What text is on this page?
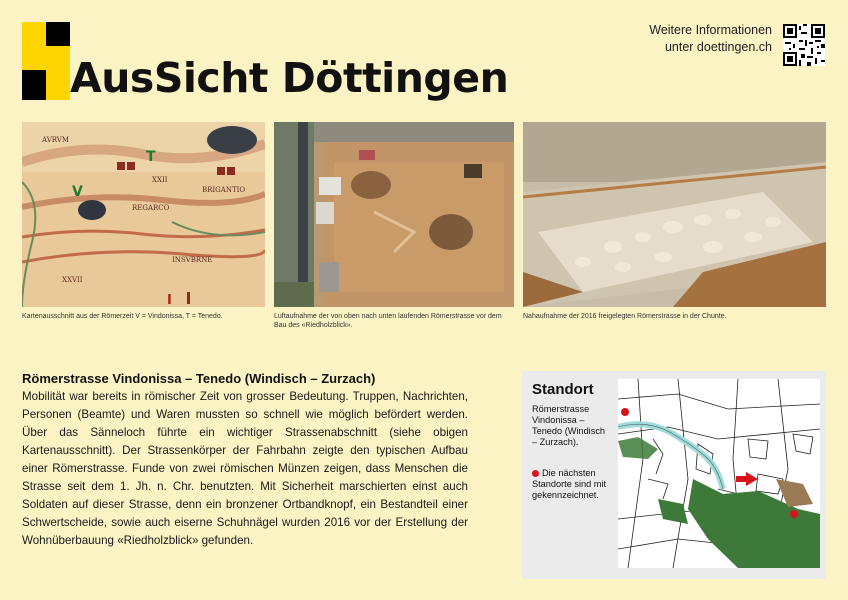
AusSicht Döttingen
Weitere Informationen
unter doettingen.ch
AVRVM
REGARCO
INSVBRNE
XXVII
XXII
BRIGANTIO
T
V
I
Kartenausschnitt aus der Römerzeit V = Vindonissa, T = Tenedo.	Luftaufnahme der von oben nach unten laufenden Römerstrasse vor dem Bau des «Riedholzblick».
Nahaufnahme der 2016 freigelegten Römerstrasse in der Chunte.
Römerstrasse Vindonissa – Tenedo (Windisch – Zurzach)
Mobilität war bereits in römischer Zeit von grosser Bedeutung. Truppen, Nachrichten, Personen (Beamte) und Waren mussten so schnell wie möglich befördert werden. Über das Sänneloch führte ein wichtiger Strassenabschnitt (siehe obigen Kartenausschnitt). Der Strassenkörper der Fahrbahn zeigte den typischen Aufbau einer Römerstrasse. Funde von zwei römischen Münzen zeigen, dass Menschen die Strasse seit dem 1. Jh. n. Chr. benutzten. Mit Sicherheit marschierten einst auch Soldaten auf dieser Strasse, denn ein bronzener Ortbandknopf, ein Bestandteil einer Schwertscheide, sowie auch eiserne Schuhnägel wurden 2016 vor der Erstellung der Wohnüberbauung «Riedholzblick» gefunden.
Standort
Römerstrasse Vindonissa – Tenedo (Windisch – Zurzach).
Die nächsten Standorte sind mit gekennzeichnet.
